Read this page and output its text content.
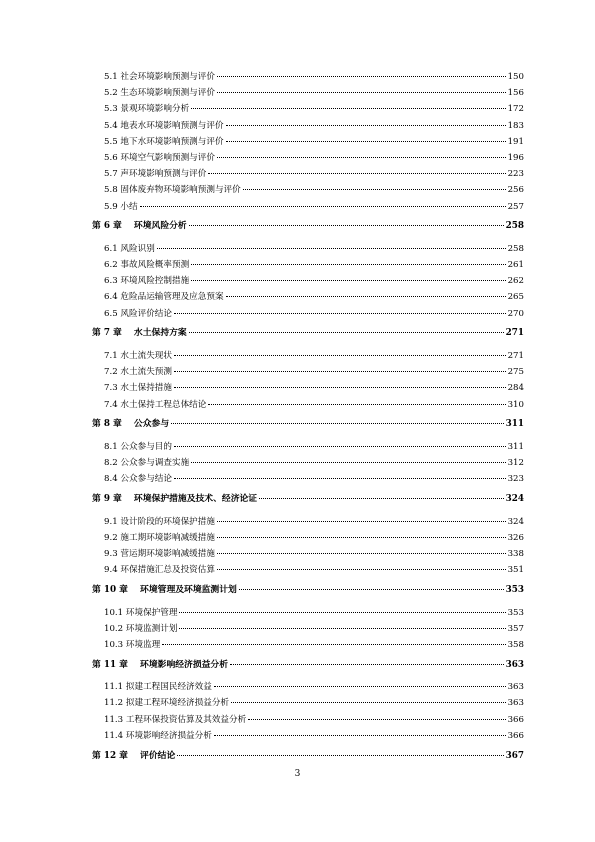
5.1 社会环境影响预测与评价	150
5.2 生态环境影响预测与评价	156
5.3 景观环境影响分析	172
5.4 地表水环境影响预测与评价	183
5.5 地下水环境影响预测与评价	191
5.6 环境空气影响预测与评价	196
5.7 声环境影响预测与评价	223
5.8 固体废弃物环境影响预测与评价	256
5.9 小结	257
第 6 章 环境风险分析	258
6.1 风险识别	258
6.2 事故风险概率预测	261
6.3 环境风险控制措施	262
6.4 危险品运输管理及应急预案	265
6.5 风险评价结论	270
第 7 章 水土保持方案	271
7.1 水土流失现状	271
7.2 水土流失预测	275
7.3 水土保持措施	284
7.4 水土保持工程总体结论	310
第 8 章 公众参与	311
8.1 公众参与目的	311
8.2 公众参与调查实施	312
8.4 公众参与结论	323
第 9 章 环境保护措施及技术、经济论证	324
9.1 设计阶段的环境保护措施	324
9.2 施工期环境影响减缓措施	326
9.3 营运期环境影响减缓措施	338
9.4 环保措施汇总及投资估算	351
第 10 章 环境管理及环境监测计划	353
10.1 环境保护管理	353
10.2 环境监测计划	357
10.3 环境监理	358
第 11 章 环境影响经济损益分析	363
11.1 拟建工程国民经济效益	363
11.2 拟建工程环境经济损益分析	363
11.3 工程环保投资估算及其效益分析	366
11.4 环境影响经济损益分析	366
第 12 章 评价结论	367
3
